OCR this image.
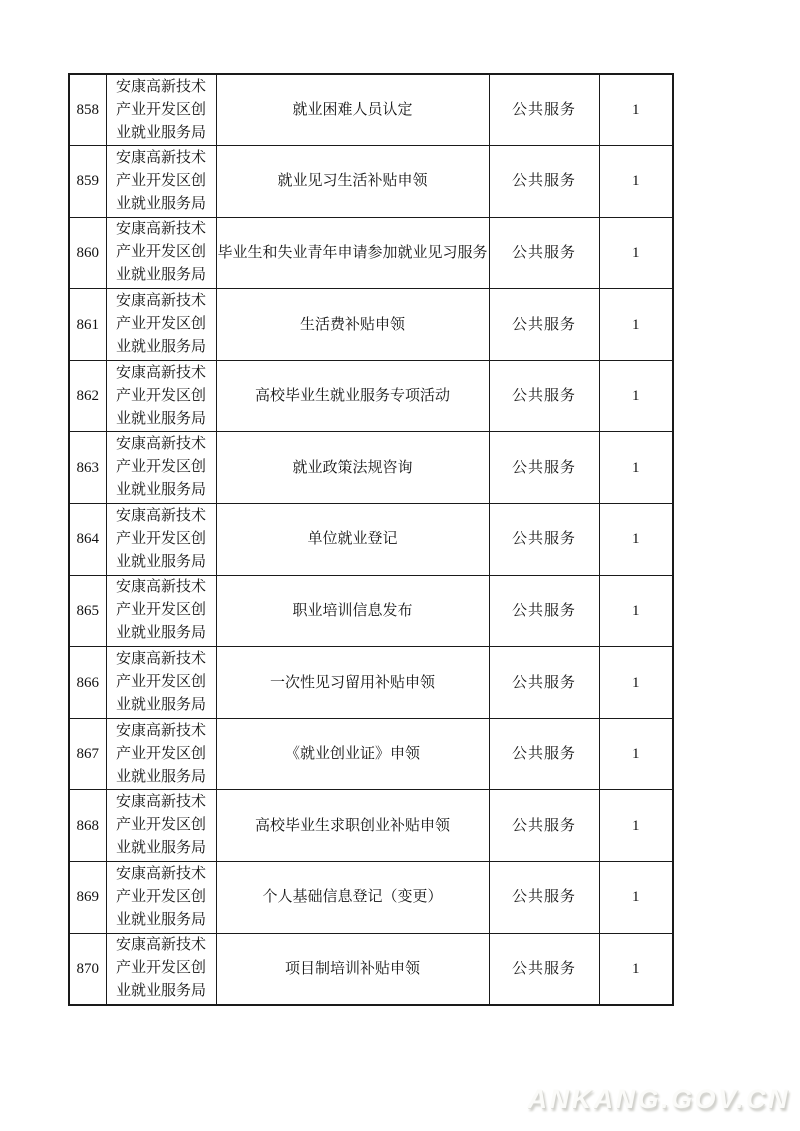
858	安康高新技术产业开发区创业就业服务局	就业困难人员认定	公共服务	1
859	安康高新技术产业开发区创业就业服务局	就业见习生活补贴申领	公共服务	1
860	安康高新技术产业开发区创业就业服务局	毕业生和失业青年申请参加就业见习服务	公共服务	1
861	安康高新技术产业开发区创业就业服务局	生活费补贴申领	公共服务	1
862	安康高新技术产业开发区创业就业服务局	高校毕业生就业服务专项活动	公共服务	1
863	安康高新技术产业开发区创业就业服务局	就业政策法规咨询	公共服务	1
864	安康高新技术产业开发区创业就业服务局	单位就业登记	公共服务	1
865	安康高新技术产业开发区创业就业服务局	职业培训信息发布	公共服务	1
866	安康高新技术产业开发区创业就业服务局	一次性见习留用补贴申领	公共服务	1
867	安康高新技术产业开发区创业就业服务局	《就业创业证》申领	公共服务	1
868	安康高新技术产业开发区创业就业服务局	高校毕业生求职创业补贴申领	公共服务	1
869	安康高新技术产业开发区创业就业服务局	个人基础信息登记（变更）	公共服务	1
870	安康高新技术产业开发区创业就业服务局	项目制培训补贴申领	公共服务	1
ANKANG.GOV.CN
